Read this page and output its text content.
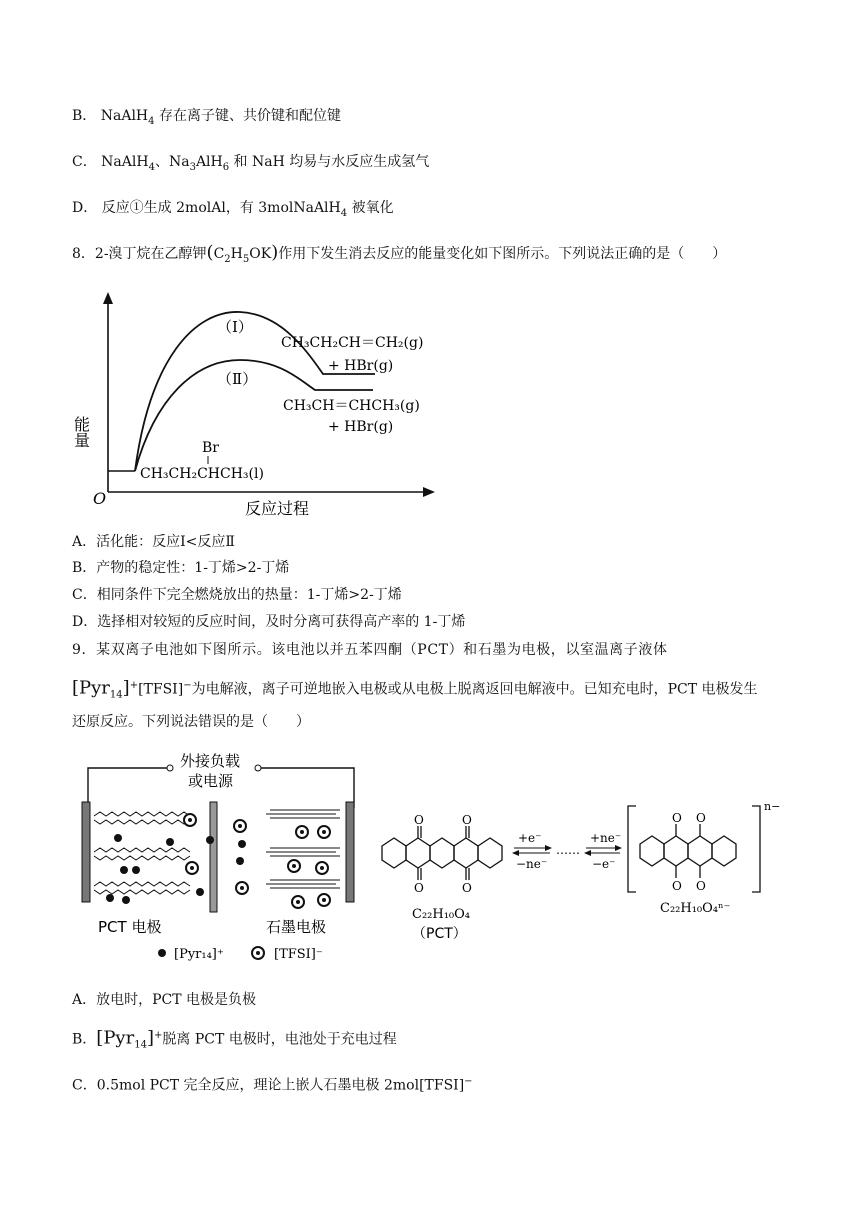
B． NaAlH$_4$ 存在离子键、共价键和配位键
C． NaAlH$_4$、$Na_3AlH_6$ 和 NaH 均易与水反应生成氢气
D． 反应①生成 2molAl，有 3molNaAlH$_4$ 被氧化
8．2-溴丁烷在乙醇钾$(C_2H_5OK)$作用下发生消去反应的能量变化如下图所示。下列说法正确的是（　　）
能量
反应过程
O
（Ⅰ）
（Ⅱ）
CH₃CH₂CH＝CH₂(g)
+ HBr(g)
CH₃CH＝CHCH₃(g)
+ HBr(g)
Br
CH₃CH₂CHCH₃(l)
A．活化能：反应Ⅰ<反应Ⅱ
B．产物的稳定性：1-丁烯>2-丁烯
C．相同条件下完全燃烧放出的热量：1-丁烯>2-丁烯
D．选择相对较短的反应时间，及时分离可获得高产率的 1-丁烯
9．某双离子电池如下图所示。该电池以并五苯四酮（PCT）和石墨为电极，以室温离子液体
[Pyr$_{14}$]+[TFSI]−为电解液，离子可逆地嵌入电极或从电极上脱离返回电解液中。已知充电时，PCT 电极发生
还原反应。下列说法错误的是（　　）
外接负载
或电源
PCT 电极	石墨电极
[Pyr₁₄]⁺	[TFSI]⁻
O	O
O	O
C₂₂H₁₀O₄
（PCT）
+e⁻
−ne⁻
……
+ne⁻
−e⁻
O O
O O
n−
C₂₂H₁₀O₄ⁿ⁻
A．放电时，PCT 电极是负极
B．[Pyr$_{14}$]+脱离 PCT 电极时，电池处于充电过程
C．0.5mol PCT 完全反应，理论上嵌人石墨电极 2mol[TFSI]−
